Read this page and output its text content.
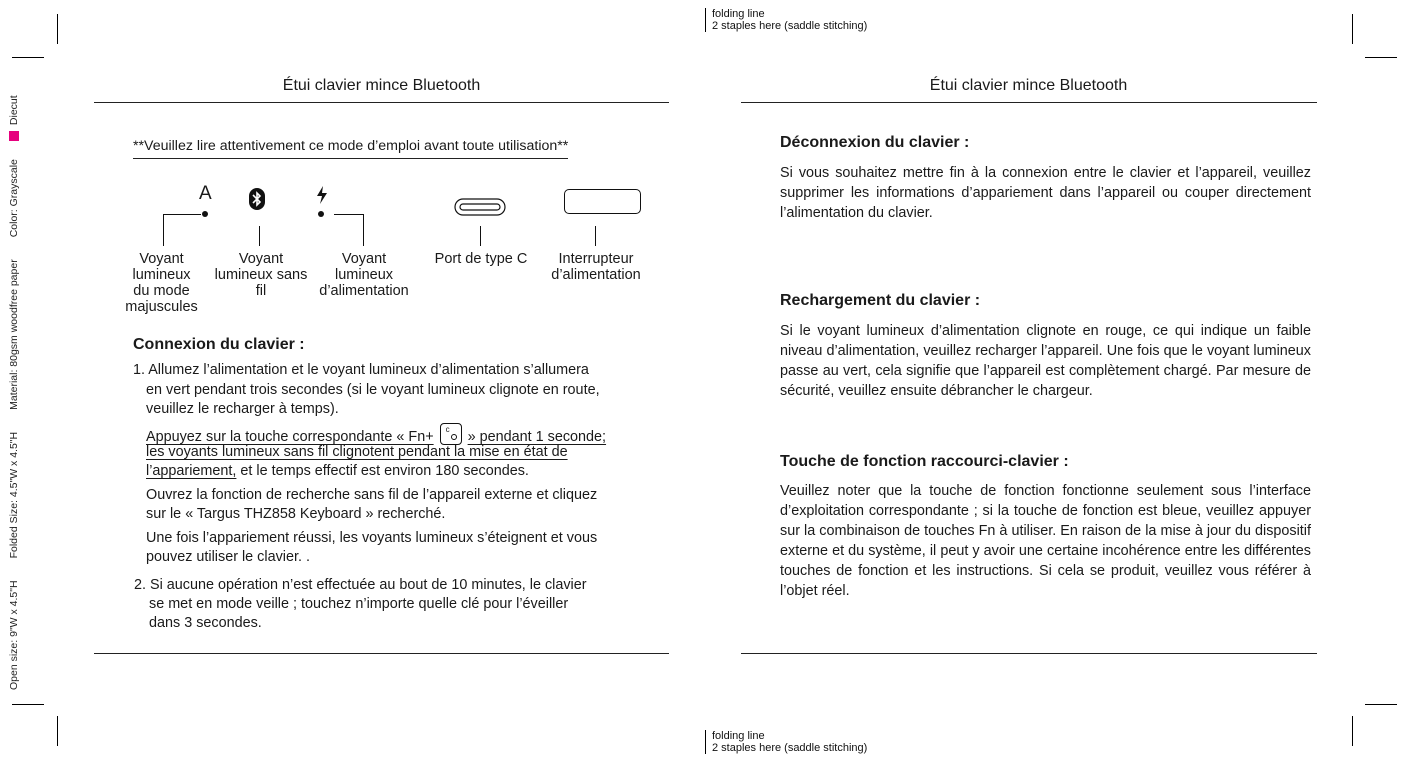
Open size: 9"W x 4.5"H
Folded Size: 4.5"W x 4.5"H
Material: 80gsm woodfree paper
Color: Grayscale
Diecut
folding line
2 staples here (saddle stitching)
folding line
2 staples here (saddle stitching)
Étui clavier mince Bluetooth
**Veuillez lire attentivement ce mode d’emploi avant toute utilisation**
A
Voyant
lumineux
du mode
majuscules
Voyant
lumineux sans
fil
Voyant
lumineux
d’alimentation
Port de type C	Interrupteur
d’alimentation
Connexion du clavier :
1. Allumez l’alimentation et le voyant lumineux d’alimentation s’allumera
en vert pendant trois secondes (si le voyant lumineux clignote en route,
veuillez le recharger à temps).
Appuyez sur la touche correspondante « Fn+ c » pendant 1 seconde;
les voyants lumineux sans fil clignotent pendant la mise en état de
l’appariement, et le temps effectif est environ 180 secondes.
Ouvrez la fonction de recherche sans fil de l’appareil externe et cliquez
sur le « Targus THZ858 Keyboard » recherché.
Une fois l’appariement réussi, les voyants lumineux s’éteignent et vous
pouvez utiliser le clavier. .
2. Si aucune opération n’est effectuée au bout de 10 minutes, le clavier
se met en mode veille ; touchez n’importe quelle clé pour l’éveiller
dans 3 secondes.
Étui clavier mince Bluetooth
Déconnexion du clavier :
Si vous souhaitez mettre fin à la connexion entre le clavier et l’appareil, veuillez supprimer les informations d’appariement dans l’appareil ou couper directement l’alimentation du clavier.
Rechargement du clavier :
Si le voyant lumineux d’alimentation clignote en rouge, ce qui indique un faible niveau d’alimentation, veuillez recharger l’appareil. Une fois que le voyant lumineux passe au vert, cela signifie que l’appareil est complètement chargé. Par mesure de sécurité, veuillez ensuite débrancher le chargeur.
Touche de fonction raccourci-clavier :
Veuillez noter que la touche de fonction fonctionne seulement sous l’interface d’exploitation correspondante ; si la touche de fonction est bleue, veuillez appuyer sur la combinaison de touches Fn à utiliser. En raison de la mise à jour du dispositif externe et du système, il peut y avoir une certaine incohérence entre les différentes touches de fonction et les instructions. Si cela se produit, veuillez vous référer à l’objet réel.
